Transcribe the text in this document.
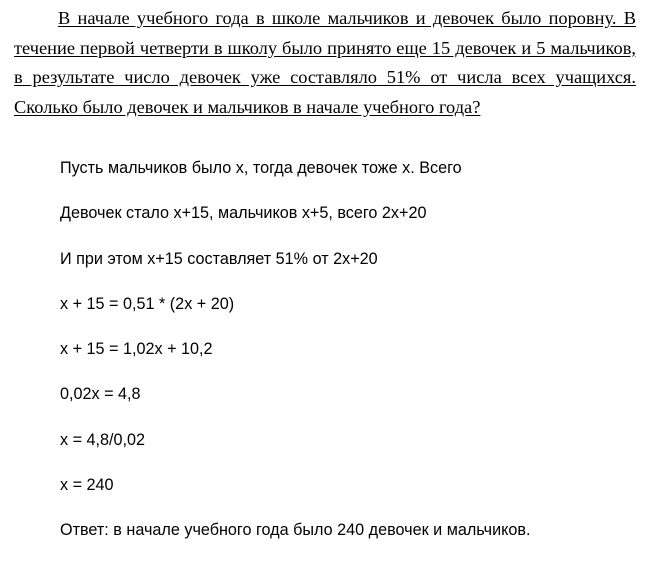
В начале учебного года в школе мальчиков и девочек было поровну. В течение первой четверти в школу было принято еще 15 девочек и 5 мальчиков, в результате число девочек уже составляло 51% от числа всех учащихся. Сколько было девочек и мальчиков в начале учебного года?

Пусть мальчиков было x, тогда девочек тоже x. Всего
Девочек стало x+15, мальчиков x+5, всего 2x+20
И при этом x+15 составляет 51% от 2x+20
x + 15 = 0,51 * (2x + 20)
x + 15 = 1,02x + 10,2
0,02x = 4,8
x = 4,8/0,02
x = 240
Ответ: в начале учебного года было 240 девочек и мальчиков.
